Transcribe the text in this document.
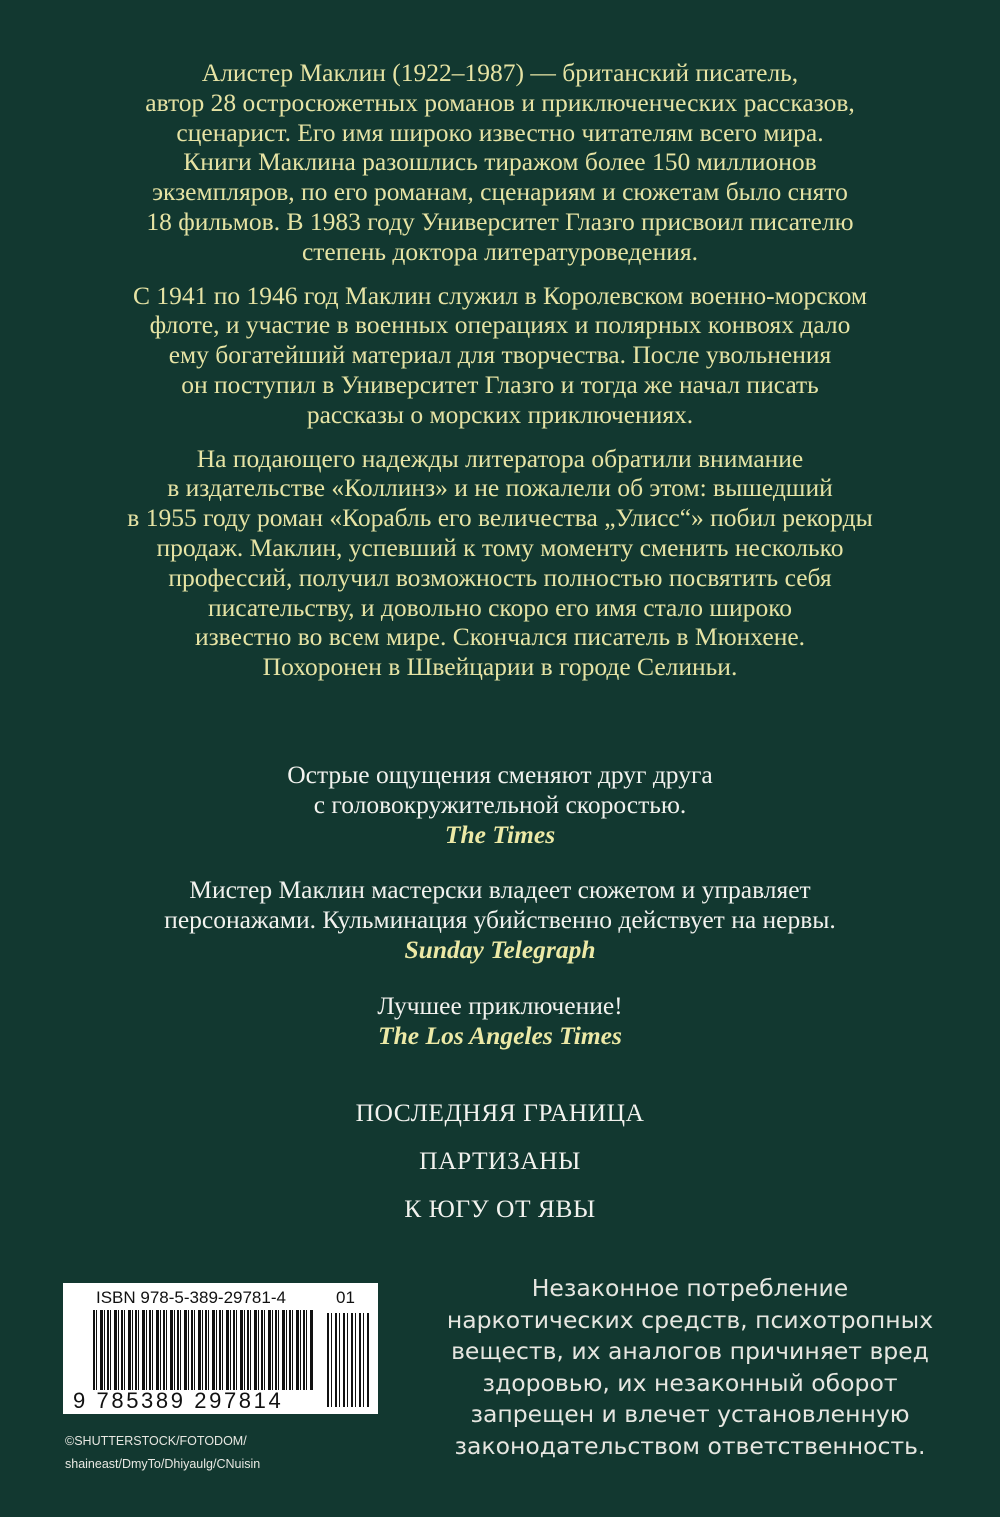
Алистер Маклин (1922–1987) — британский писатель,
автор 28 остросюжетных романов и приключенческих рассказов,
сценарист. Его имя широко известно читателям всего мира.
Книги Маклина разошлись тиражом более 150 миллионов
экземпляров, по его романам, сценариям и сюжетам было снято
18 фильмов. В 1983 году Университет Глазго присвоил писателю
степень доктора литературоведения.

С 1941 по 1946 год Маклин служил в Королевском военно-морском
флоте, и участие в военных операциях и полярных конвоях дало
ему богатейший материал для творчества. После увольнения
он поступил в Университет Глазго и тогда же начал писать
рассказы о морских приключениях.

На подающего надежды литератора обратили внимание
в издательстве «Коллинз» и не пожалели об этом: вышедший
в 1955 году роман «Корабль его величества „Улисс“» побил рекорды
продаж. Маклин, успевший к тому моменту сменить несколько
профессий, получил возможность полностью посвятить себя
писательству, и довольно скоро его имя стало широко
известно во всем мире. Скончался писатель в Мюнхене.
Похоронен в Швейцарии в городе Селиньи.

Острые ощущения сменяют друг друга
с головокружительной скоростью.
The Times
Мистер Маклин мастерски владеет сюжетом и управляет
персонажами. Кульминация убийственно действует на нервы.
Sunday Telegraph
Лучшее приключение!
The Los Angeles Times
ПОСЛЕДНЯЯ ГРАНИЦА
ПАРТИЗАНЫ
К ЮГУ ОТ ЯВЫ
ISBN 978-5-389-29781-4	01
9 785389 297814
©SHUTTERSTOCK/FOTODOM/
shaineast/DmyTo/Dhiyaulg/CNuisin
Незаконное потребление
наркотических средств, психотропных
веществ, их аналогов причиняет вред
здоровью, их незаконный оборот
запрещен и влечет установленную
законодательством ответственность.
